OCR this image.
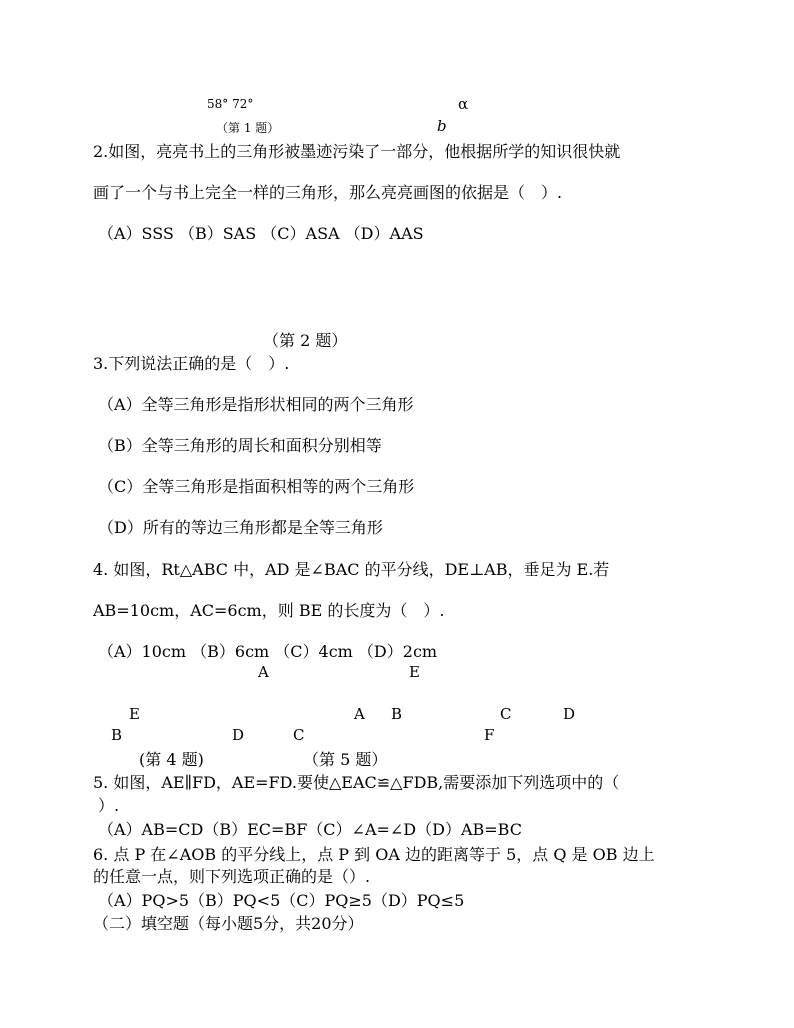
58° 72°	α
（第 1 题）	b
2.如图，亮亮书上的三角形被墨迹污染了一部分，他根据所学的知识很快就
画了一个与书上完全一样的三角形，那么亮亮画图的依据是（　）.
（A）SSS （B）SAS （C）ASA （D）AAS
（第 2 题）
3.下列说法正确的是（　）.
（A）全等三角形是指形状相同的两个三角形
（B）全等三角形的周长和面积分别相等
（C）全等三角形是指面积相等的两个三角形
（D）所有的等边三角形都是全等三角形
4. 如图，Rt△ABC 中，AD 是∠BAC 的平分线，DE⊥AB，垂足为 E.若
AB=10cm，AC=6cm，则 BE 的长度为（　）.
（A）10cm （B）6cm （C）4cm （D）2cm
A	E
E	A B	C	D
B	D	C	F
(第 4 题)	（第 5 题）
5. 如图，AE∥FD，AE=FD.要使△EAC≌△FDB,需要添加下列选项中的（
）.
（A）AB=CD（B）EC=BF（C）∠A=∠D（D）AB=BC
6. 点 P 在∠AOB 的平分线上，点 P 到 OA 边的距离等于 5，点 Q 是 OB 边上
的任意一点，则下列选项正确的是（）.
（A）PQ>5（B）PQ<5（C）PQ≥5（D）PQ≤5
（二）填空题（每小题5分，共20分）
